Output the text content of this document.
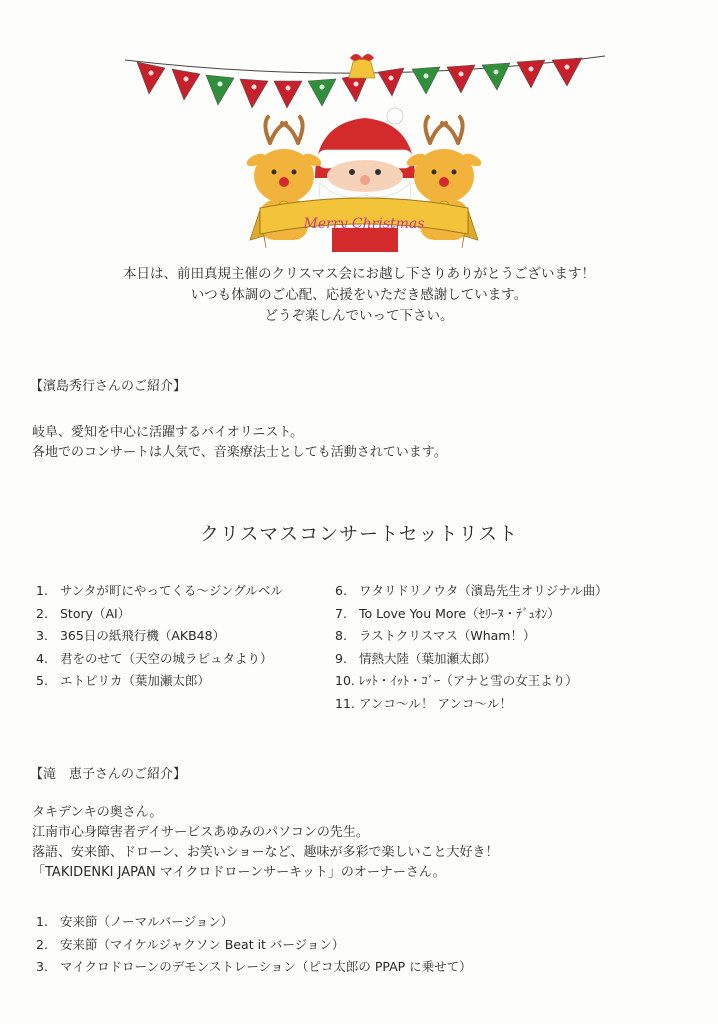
Merry Christmas
本日は、前田真規主催のクリスマス会にお越し下さりありがとうございます！
いつも体調のご心配、応援をいただき感謝しています。
どうぞ楽しんでいって下さい。
【濱島秀行さんのご紹介】
岐阜、愛知を中心に活躍するバイオリニスト。
各地でのコンサートは人気で、音楽療法士としても活動されています。
クリスマスコンサートセットリスト
1. サンタが町にやってくる～ジングルベル
2. Story（AI）
3. 365日の紙飛行機（AKB48）
4. 君をのせて（天空の城ラピュタより）
5. エトピリカ（葉加瀬太郎）
6. ワタリドリノウタ（濱島先生オリジナル曲）
7. To Love You More（ｾﾘｰﾇ・ﾃﾞｭｵﾝ）
8. ラストクリスマス（Wham！）
9. 情熱大陸（葉加瀬太郎）
10. ﾚｯﾄ・ｲｯﾄ・ｺﾞｰ（アナと雪の女王より）
11. アンコ～ル！ アンコ～ル！
【滝　恵子さんのご紹介】
タキデンキの奥さん。
江南市心身障害者デイサービスあゆみのパソコンの先生。
落語、安来節、ドローン、お笑いショーなど、趣味が多彩で楽しいこと大好き！
「TAKIDENKI JAPAN マイクロドローンサーキット」のオーナーさん。
1. 安来節（ノーマルバージョン）
2. 安来節（マイケルジャクソン Beat it バージョン）
3. マイクロドローンのデモンストレーション（ピコ太郎の PPAP に乗せて）
